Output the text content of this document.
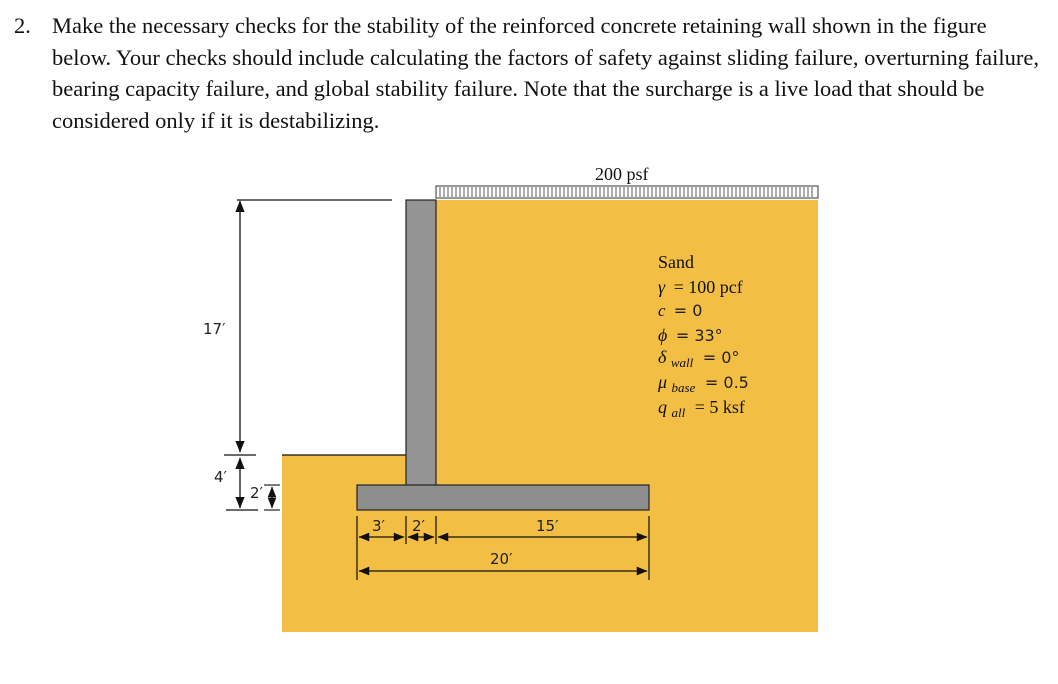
2. Make the necessary checks for the stability of the reinforced concrete retaining wall shown in the figure below. Your checks should include calculating the factors of safety against sliding failure, overturning failure, bearing capacity failure, and global stability failure. Note that the surcharge is a live load that should be considered only if it is destabilizing.
200 psf
17′
4′
2′
3′ 2′	15′
20′
Sand
γ = 100 pcf
c = 0
ϕ = 33°
δ $_{wall}$ = 0°
μ $_{base}$ = 0.5
q $_{all}$ = 5 ksf
